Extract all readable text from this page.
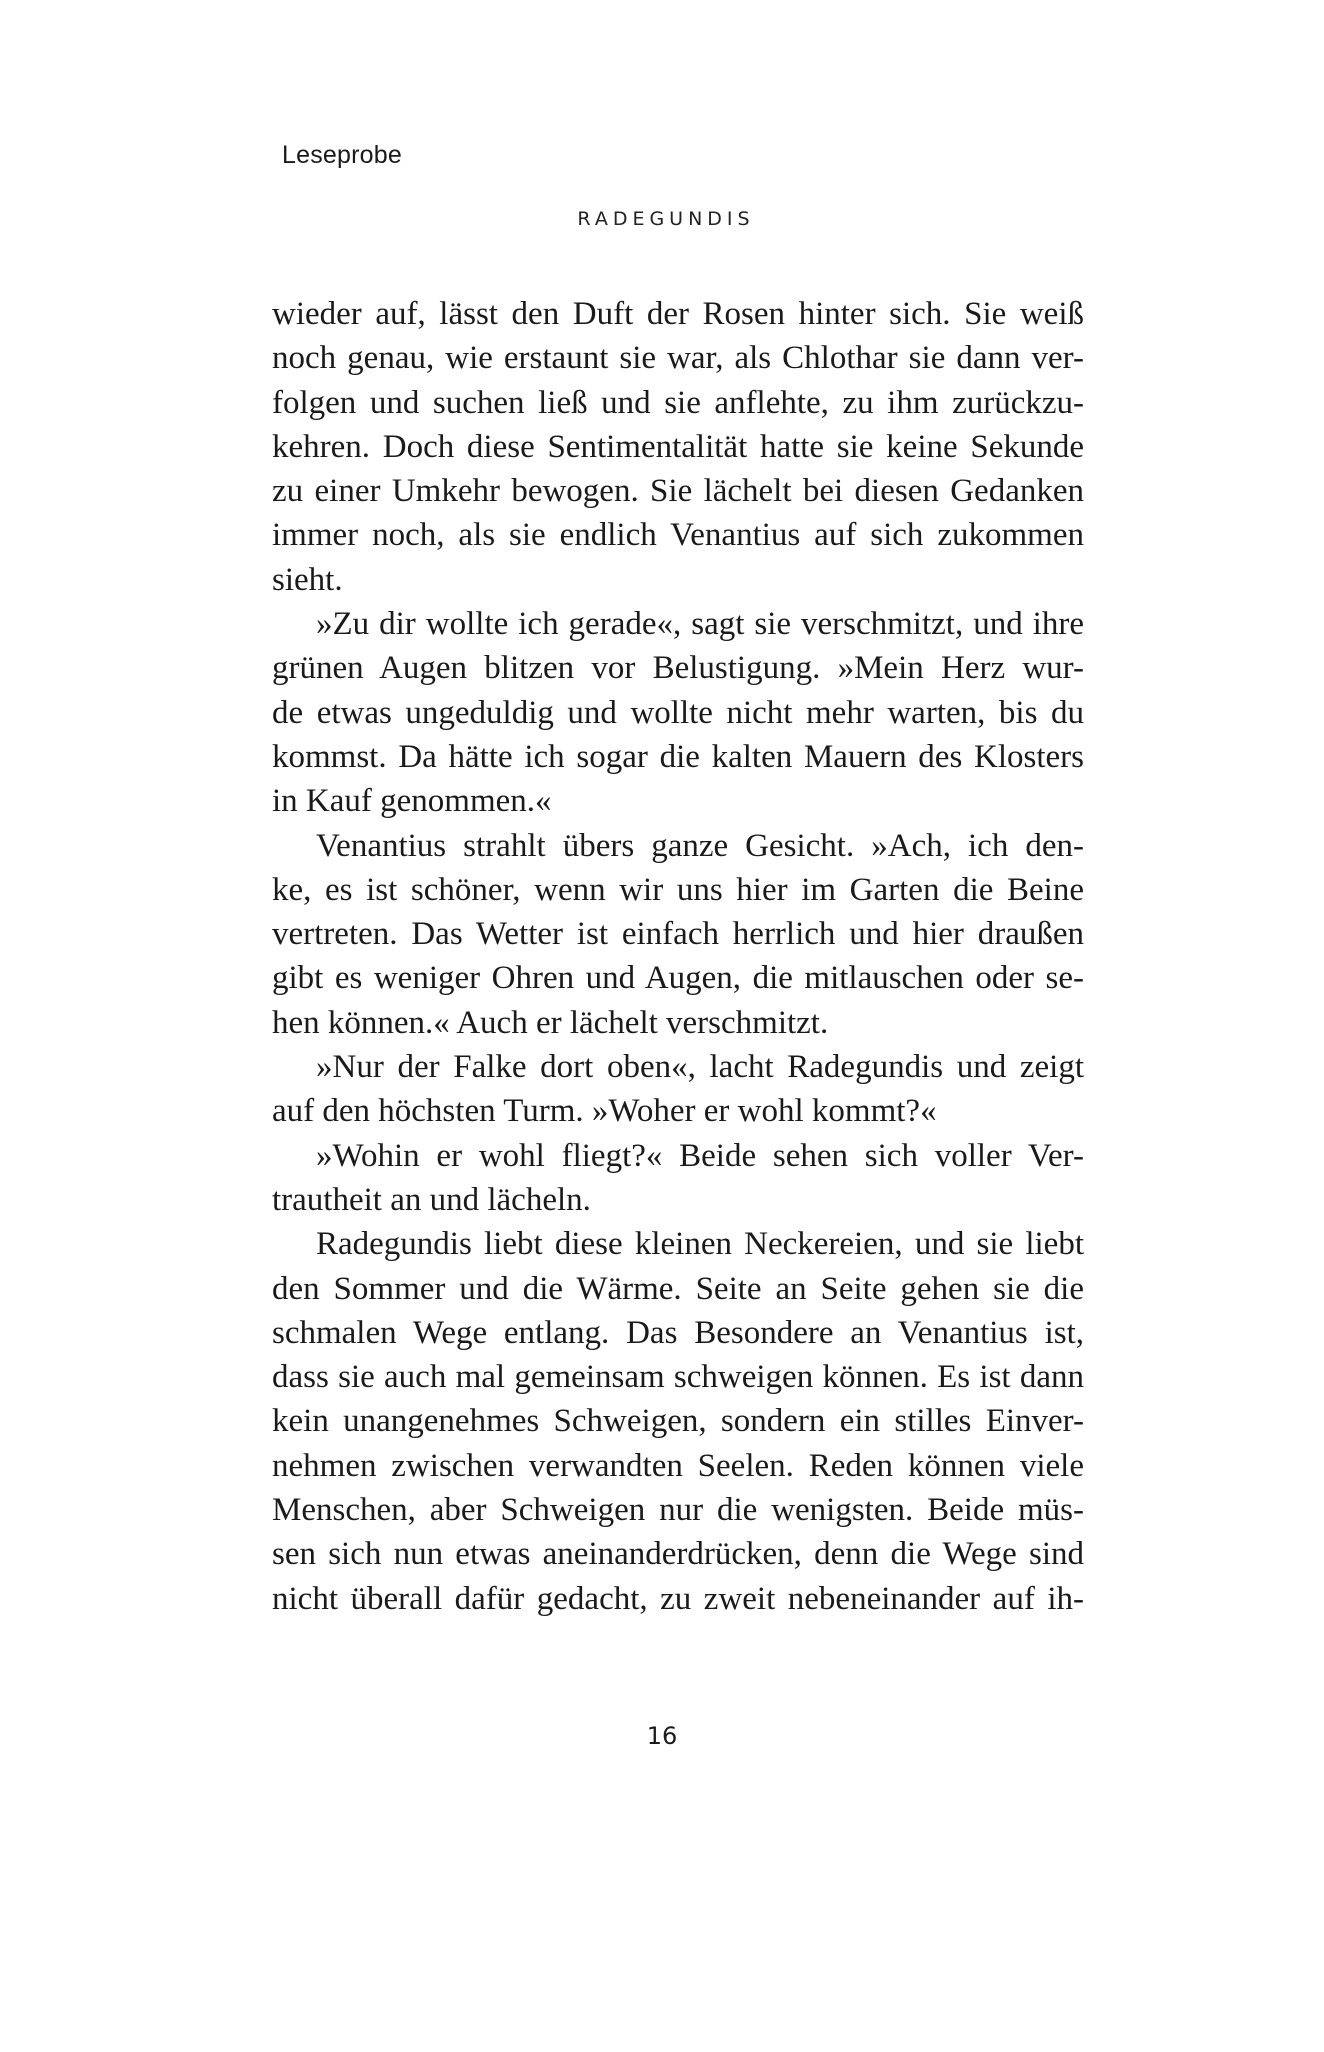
Leseprobe
RADEGUNDIS
wieder auf, lässt den Duft der Rosen hinter sich. Sie weiß
noch genau, wie erstaunt sie war, als Chlothar sie dann ver-
folgen und suchen ließ und sie anflehte, zu ihm zurückzu-
kehren. Doch diese Sentimentalität hatte sie keine Sekunde
zu einer Umkehr bewogen. Sie lächelt bei diesen Gedanken
immer noch, als sie endlich Venantius auf sich zukommen
sieht.
»Zu dir wollte ich gerade«, sagt sie verschmitzt, und ihre
grünen Augen blitzen vor Belustigung. »Mein Herz wur-
de etwas ungeduldig und wollte nicht mehr warten, bis du
kommst. Da hätte ich sogar die kalten Mauern des Klosters
in Kauf genommen.«
Venantius strahlt übers ganze Gesicht. »Ach, ich den-
ke, es ist schöner, wenn wir uns hier im Garten die Beine
vertreten. Das Wetter ist einfach herrlich und hier draußen
gibt es weniger Ohren und Augen, die mitlauschen oder se-
hen können.« Auch er lächelt verschmitzt.
»Nur der Falke dort oben«, lacht Radegundis und zeigt
auf den höchsten Turm. »Woher er wohl kommt?«
»Wohin er wohl fliegt?« Beide sehen sich voller Ver-
trautheit an und lächeln.
Radegundis liebt diese kleinen Neckereien, und sie liebt
den Sommer und die Wärme. Seite an Seite gehen sie die
schmalen Wege entlang. Das Besondere an Venantius ist,
dass sie auch mal gemeinsam schweigen können. Es ist dann
kein unangenehmes Schweigen, sondern ein stilles Einver-
nehmen zwischen verwandten Seelen. Reden können viele
Menschen, aber Schweigen nur die wenigsten. Beide müs-
sen sich nun etwas aneinanderdrücken, denn die Wege sind
nicht überall dafür gedacht, zu zweit nebeneinander auf ih-
16
